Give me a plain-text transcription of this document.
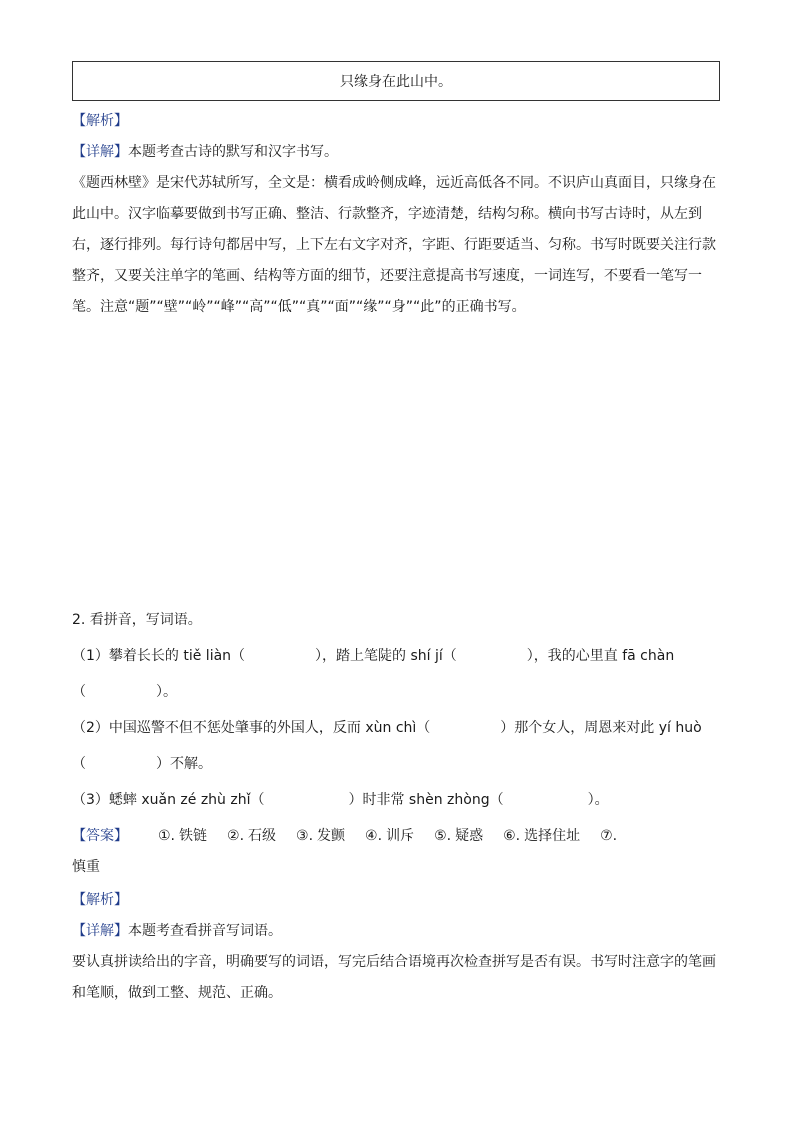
只缘身在此山中。
【解析】
【详解】本题考查古诗的默写和汉字书写。
《题西林壁》是宋代苏轼所写，全文是：横看成岭侧成峰，远近高低各不同。不识庐山真面目，只缘身在
此山中。汉字临摹要做到书写正确、整洁、行款整齐，字迹清楚，结构匀称。横向书写古诗时，从左到
右，逐行排列。每行诗句都居中写，上下左右文字对齐，字距、行距要适当、匀称。书写时既要关注行款
整齐，又要关注单字的笔画、结构等方面的细节，还要注意提高书写速度，一词连写，不要看一笔写一
笔。注意“题”“壁”“岭”“峰”“高”“低”“真”“面”“缘”“身”“此”的正确书写。
2. 看拼音，写词语。
（1）攀着长长的 tiě liàn（　　　　　），踏上笔陡的 shí jí（　　　　　），我的心里直 fā chàn
（　　　　　）。
（2）中国巡警不但不惩处肇事的外国人，反而 xùn chì（　　　　　）那个女人，周恩来对此 yí huò
（　　　　　）不解。
（3）蟋蟀 xuǎn zé zhù zhǐ（　　　　　　）时非常 shèn zhòng（　　　　　　）。
【答案】	①. 铁链 ②. 石级 ③. 发颤 ④. 训斥 ⑤. 疑惑 ⑥. 选择住址 ⑦.
慎重
【解析】
【详解】本题考查看拼音写词语。
要认真拼读给出的字音，明确要写的词语，写完后结合语境再次检查拼写是否有误。书写时注意字的笔画
和笔顺，做到工整、规范、正确。
